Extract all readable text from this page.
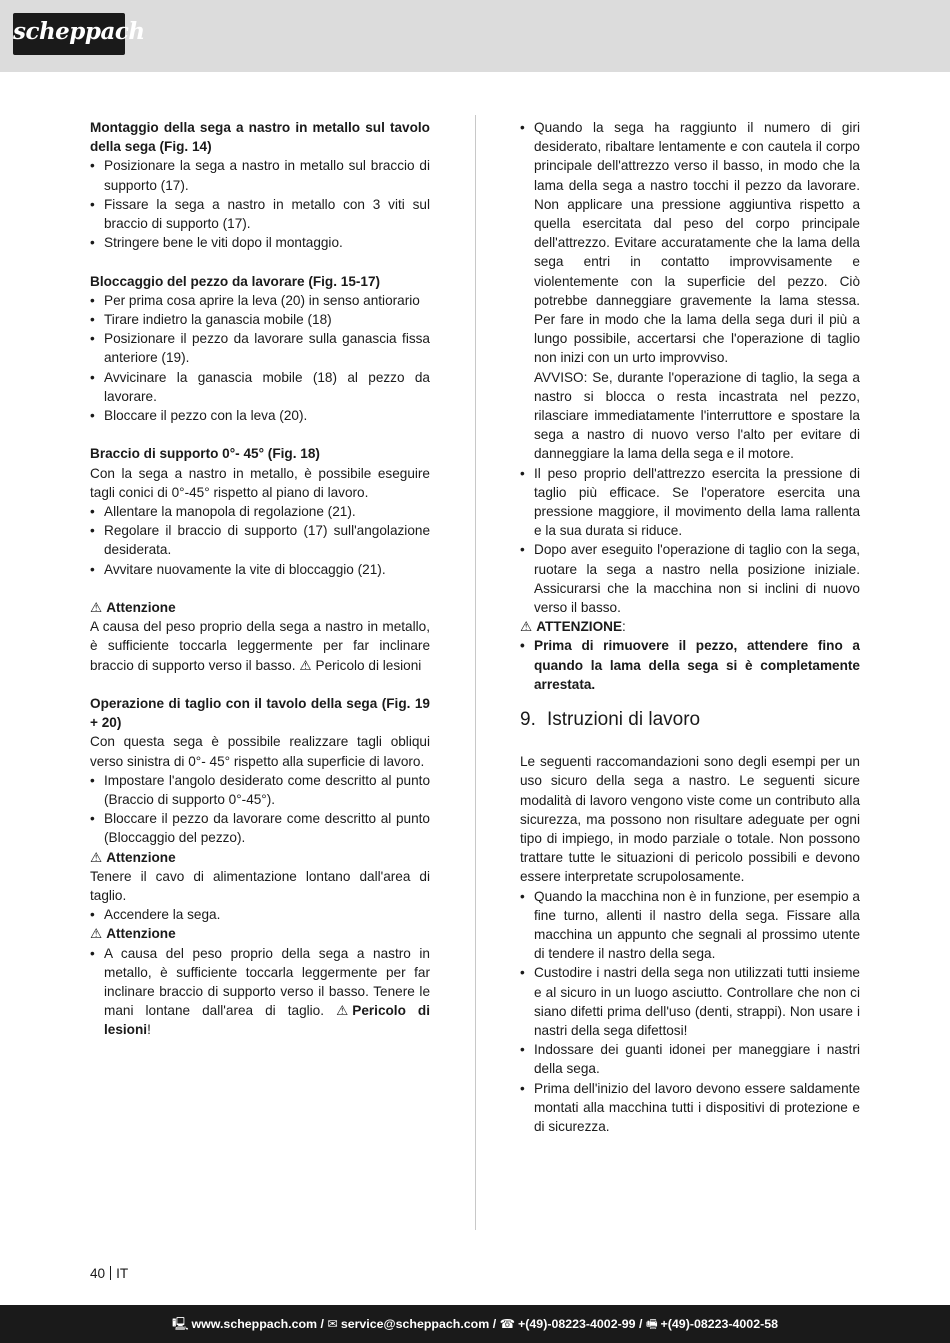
scheppach
Montaggio della sega a nastro in metallo sul tavolo della sega (Fig. 14)
• Posizionare la sega a nastro in metallo sul braccio di supporto (17).
• Fissare la sega a nastro in metallo con 3 viti sul braccio di supporto (17).
• Stringere bene le viti dopo il montaggio.
Bloccaggio del pezzo da lavorare (Fig. 15-17)
• Per prima cosa aprire la leva (20) in senso antiorario
• Tirare indietro la ganascia mobile (18)
• Posizionare il pezzo da lavorare sulla ganascia fissa anteriore (19).
• Avvicinare la ganascia mobile (18) al pezzo da lavorare.
• Bloccare il pezzo con la leva (20).
Braccio di supporto 0°- 45° (Fig. 18)
Con la sega a nastro in metallo, è possibile eseguire tagli conici di 0°-45° rispetto al piano di lavoro.
• Allentare la manopola di regolazione (21).
• Regolare il braccio di supporto (17) sull'angolazione desiderata.
• Avvitare nuovamente la vite di bloccaggio (21).
⚠ Attenzione
A causa del peso proprio della sega a nastro in metallo, è sufficiente toccarla leggermente per far inclinare braccio di supporto verso il basso. ⚠ Pericolo di lesioni
Operazione di taglio con il tavolo della sega (Fig. 19 + 20)
Con questa sega è possibile realizzare tagli obliqui verso sinistra di 0°- 45° rispetto alla superficie di lavoro.
• Impostare l'angolo desiderato come descritto al punto (Braccio di supporto 0°-45°).
• Bloccare il pezzo da lavorare come descritto al punto (Bloccaggio del pezzo).
⚠ Attenzione
Tenere il cavo di alimentazione lontano dall'area di taglio.
• Accendere la sega.
⚠ Attenzione
• A causa del peso proprio della sega a nastro in metallo, è sufficiente toccarla leggermente per far inclinare braccio di supporto verso il basso. Tenere le mani lontane dall'area di taglio. ⚠ Pericolo di lesioni!
• Quando la sega ha raggiunto il numero di giri desiderato, ribaltare lentamente e con cautela il corpo principale dell'attrezzo verso il basso, in modo che la lama della sega a nastro tocchi il pezzo da lavorare. Non applicare una pressione aggiuntiva rispetto a quella esercitata dal peso del corpo principale dell'attrezzo. Evitare accuratamente che la lama della sega entri in contatto improvvisamente e violentemente con la superficie del pezzo. Ciò potrebbe danneggiare gravemente la lama stessa. Per fare in modo che la lama della sega duri il più a lungo possibile, accertarsi che l'operazione di taglio non inizi con un urto improvviso.
AVVISO: Se, durante l'operazione di taglio, la sega a nastro si blocca o resta incastrata nel pezzo, rilasciare immediatamente l'interruttore e spostare la sega a nastro di nuovo verso l'alto per evitare di danneggiare la lama della sega e il motore.
• Il peso proprio dell'attrezzo esercita la pressione di taglio più efficace. Se l'operatore esercita una pressione maggiore, il movimento della lama rallenta e la sua durata si riduce.
• Dopo aver eseguito l'operazione di taglio con la sega, ruotare la sega a nastro nella posizione iniziale. Assicurarsi che la macchina non si inclini di nuovo verso il basso.
⚠ ATTENZIONE:
• Prima di rimuovere il pezzo, attendere fino a quando la lama della sega si è completamente arrestata.
9. Istruzioni di lavoro
Le seguenti raccomandazioni sono degli esempi per un uso sicuro della sega a nastro. Le seguenti sicure modalità di lavoro vengono viste come un contributo alla sicurezza, ma possono non risultare adeguate per ogni tipo di impiego, in modo parziale o totale. Non possono trattare tutte le situazioni di pericolo possibili e devono essere interpretate scrupolosamente.
• Quando la macchina non è in funzione, per esempio a fine turno, allenti il nastro della sega. Fissare alla macchina un appunto che segnali al prossimo utente di tendere il nastro della sega.
• Custodire i nastri della sega non utilizzati tutti insieme e al sicuro in un luogo asciutto. Controllare che non ci siano difetti prima dell'uso (denti, strappi). Non usare i nastri della sega difettosi!
• Indossare dei guanti idonei per maneggiare i nastri della sega.
• Prima dell'inizio del lavoro devono essere saldamente montati alla macchina tutti i dispositivi di protezione e di sicurezza.
40 IT
🖳 www.scheppach.com / ✉ service@scheppach.com / ☎ +(49)-08223-4002-99 / 🖷 +(49)-08223-4002-58
